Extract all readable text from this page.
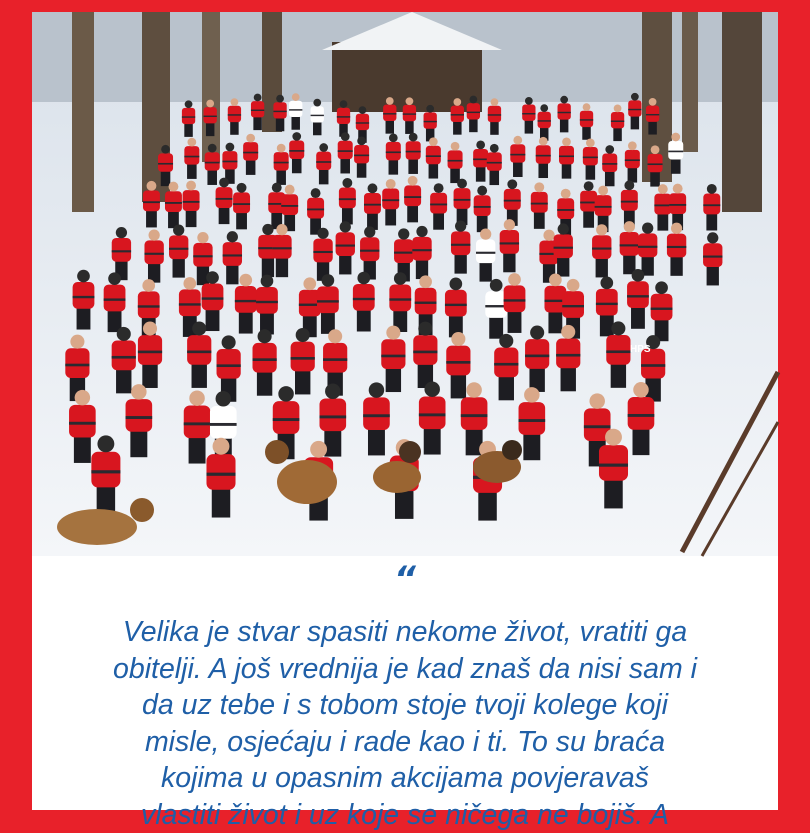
HPS
“

Velika je stvar spasiti nekome život, vratiti ga
obitelji. A još vrednija je kad znaš da nisi sam i
da uz tebe i s tobom stoje tvoji kolege koji
misle, osjećaju i rade kao i ti. To su braća
kojima u opasnim akcijama povjeravaš
vlastiti život i uz koje se ničega ne bojiš. A
